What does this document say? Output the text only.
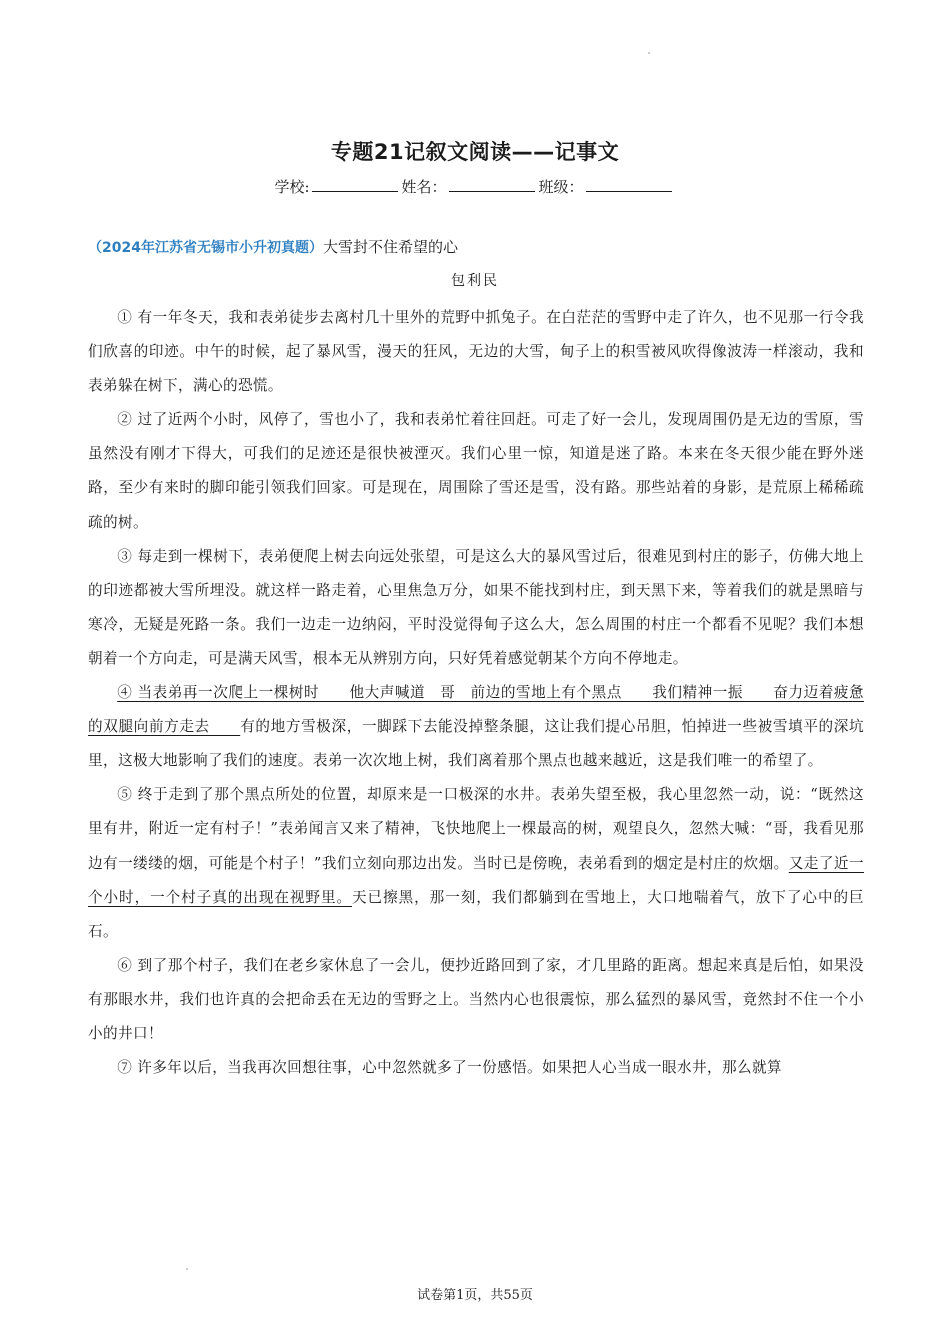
专题21记叙文阅读——记事文
学校:	姓名：	班级：
（2024年江苏省无锡市小升初真题）大雪封不住希望的心
包利民

① 有一年冬天，我和表弟徒步去离村几十里外的荒野中抓兔子。在白茫茫的雪野中走了许久，也不见那一行令我们欣喜的印迹。中午的时候，起了暴风雪，漫天的狂风，无边的大雪，甸子上的积雪被风吹得像波涛一样滚动，我和表弟躲在树下，满心的恐慌。

② 过了近两个小时，风停了，雪也小了，我和表弟忙着往回赶。可走了好一会儿，发现周围仍是无边的雪原，雪虽然没有刚才下得大，可我们的足迹还是很快被湮灭。我们心里一惊，知道是迷了路。本来在冬天很少能在野外迷路，至少有来时的脚印能引领我们回家。可是现在，周围除了雪还是雪，没有路。那些站着的身影，是荒原上稀稀疏疏的树。

③ 每走到一棵树下，表弟便爬上树去向远处张望，可是这么大的暴风雪过后，很难见到村庄的影子，仿佛大地上的印迹都被大雪所埋没。就这样一路走着，心里焦急万分，如果不能找到村庄，到天黑下来，等着我们的就是黑暗与寒冷，无疑是死路一条。我们一边走一边纳闷，平时没觉得甸子这么大，怎么周围的村庄一个都看不见呢？我们本想朝着一个方向走，可是满天风雪，根本无从辨别方向，只好凭着感觉朝某个方向不停地走。

④ 当表弟再一次爬上一棵树时　　他大声喊道　哥　前边的雪地上有个黑点　　我们精神一振　　奋力迈着疲惫的双腿向前方走去　　有的地方雪极深，一脚踩下去能没掉整条腿，这让我们提心吊胆，怕掉进一些被雪填平的深坑里，这极大地影响了我们的速度。表弟一次次地上树，我们离着那个黑点也越来越近，这是我们唯一的希望了。

⑤ 终于走到了那个黑点所处的位置，却原来是一口极深的水井。表弟失望至极，我心里忽然一动，说：“既然这里有井，附近一定有村子！”表弟闻言又来了精神，飞快地爬上一棵最高的树，观望良久，忽然大喊：“哥，我看见那边有一缕缕的烟，可能是个村子！”我们立刻向那边出发。当时已是傍晚，表弟看到的烟定是村庄的炊烟。又走了近一个小时，一个村子真的出现在视野里。天已擦黑，那一刻，我们都躺到在雪地上，大口地喘着气，放下了心中的巨石。

⑥ 到了那个村子，我们在老乡家休息了一会儿，便抄近路回到了家，才几里路的距离。想起来真是后怕，如果没有那眼水井，我们也许真的会把命丢在无边的雪野之上。当然内心也很震惊，那么猛烈的暴风雪，竟然封不住一个小小的井口！

⑦ 许多年以后，当我再次回想往事，心中忽然就多了一份感悟。如果把人心当成一眼水井，那么就算

试卷第1页，共55页
